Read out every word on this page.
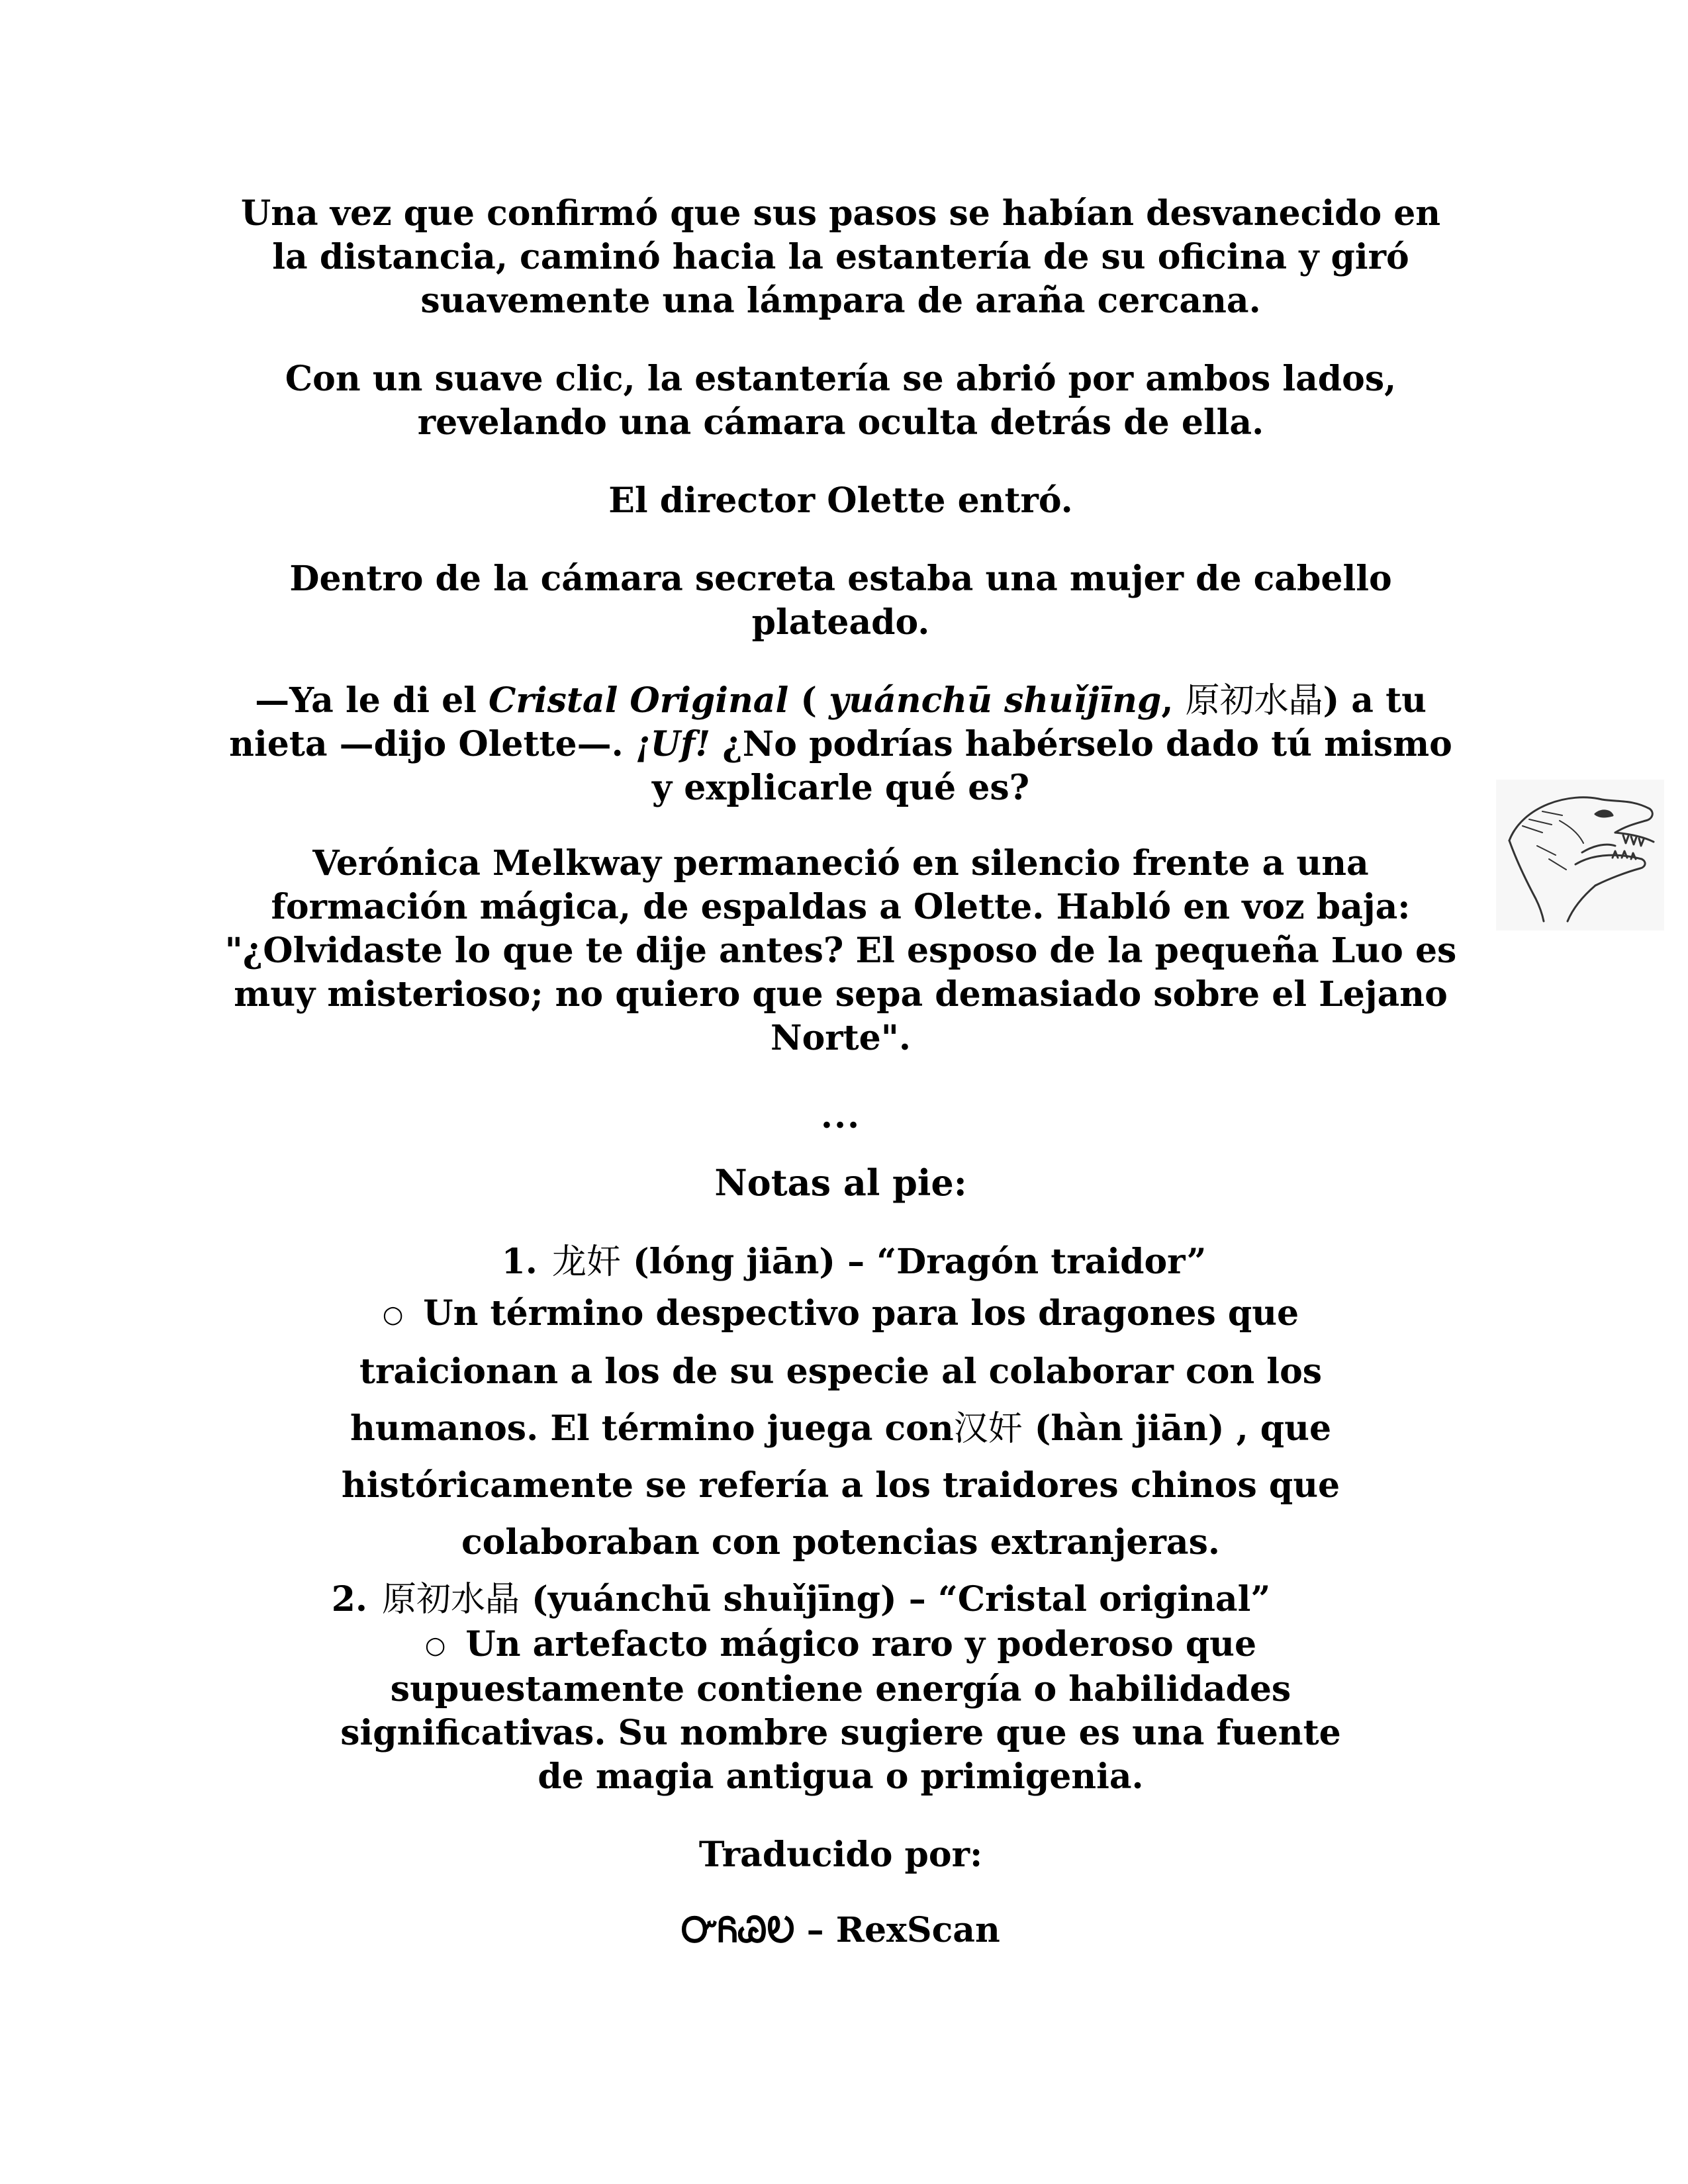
Una vez que confirmó que sus pasos se habían desvanecido en la distancia, caminó hacia la estantería de su oficina y giró suavemente una lámpara de araña cercana.

Con un suave clic, la estantería se abrió por ambos lados, revelando una cámara oculta detrás de ella.

El director Olette entró.

Dentro de la cámara secreta estaba una mujer de cabello plateado.

—Ya le di el Cristal Original ( yuánchū shuǐjīng, 原初水晶) a tu nieta —dijo Olette—. ¡Uf! ¿No podrías habérselo dado tú mismo y explicarle qué es?

Verónica Melkway permaneció en silencio frente a una formación mágica, de espaldas a Olette. Habló en voz baja: "¿Olvidaste lo que te dije antes? El esposo de la pequeña Luo es muy misterioso; no quiero que sepa demasiado sobre el Lejano Norte".

...

Notas al pie:

1. 龙奸 (lóng jiān) – “Dragón traidor”
○ Un término despectivo para los dragones que traicionan a los de su especie al colaborar con los humanos. El término juega con汉奸 (hàn jiān) , que históricamente se refería a los traidores chinos que colaboraban con potencias extranjeras.
2. 原初水晶 (yuánchū shuǐjīng) – “Cristal original”
○ Un artefacto mágico raro y poderoso que supuestamente contiene energía o habilidades significativas. Su nombre sugiere que es una fuente de magia antigua o primigenia.

Traducido por:

ᏅᏲᏊᎧ – RexScan
